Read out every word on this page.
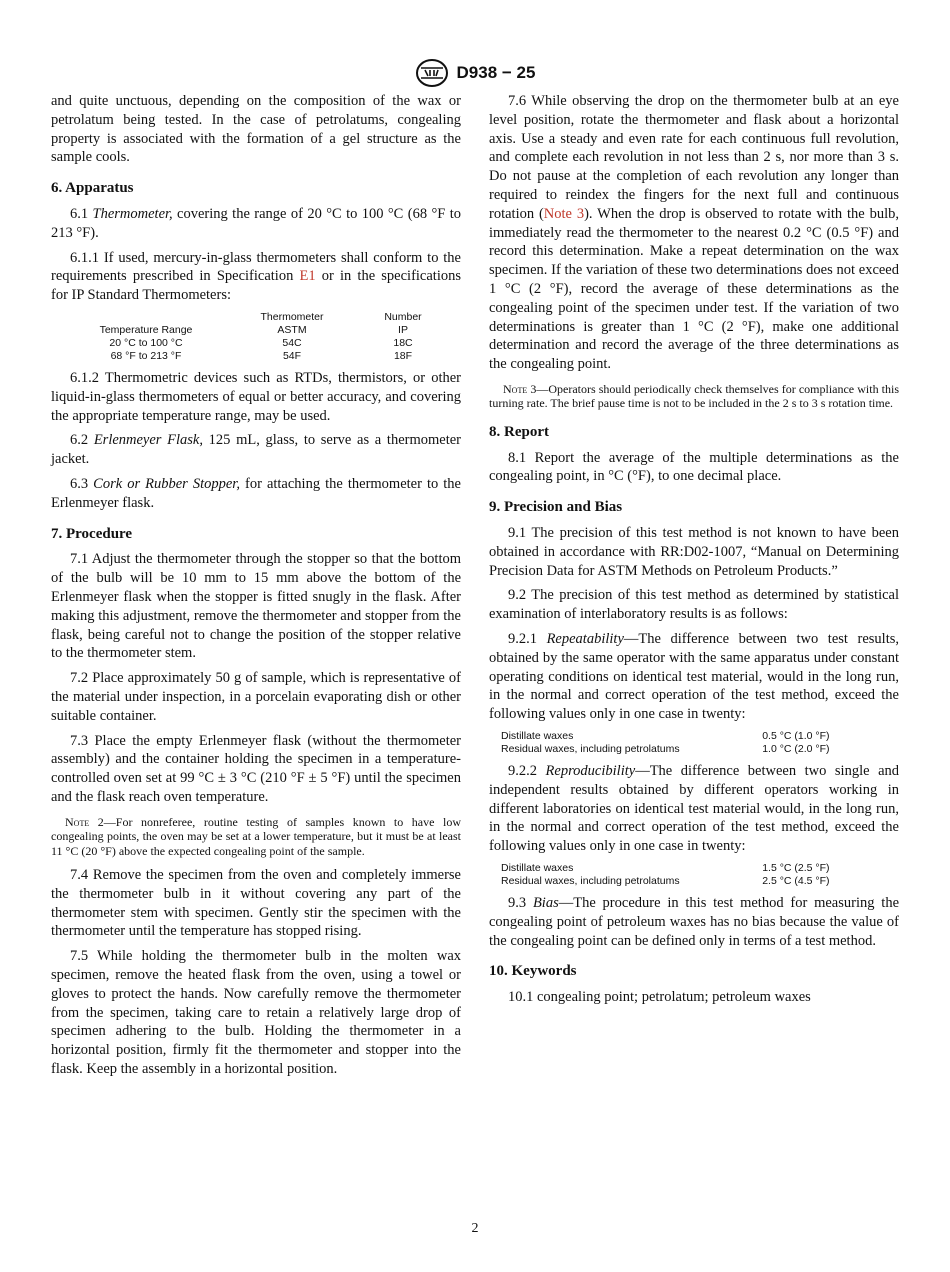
D938 − 25

and quite unctuous, depending on the composition of the wax or petrolatum being tested. In the case of petrolatums, congealing property is associated with the formation of a gel structure as the sample cools.

6. Apparatus

6.1 Thermometer, covering the range of 20 °C to 100 °C (68 °F to 213 °F).

6.1.1 If used, mercury-in-glass thermometers shall conform to the requirements prescribed in Specification E1 or in the specifications for IP Standard Thermometers:

	Thermometer	Number
Temperature Range	ASTM	IP
20 °C to 100 °C	54C	18C
68 °F to 213 °F	54F	18F

6.1.2 Thermometric devices such as RTDs, thermistors, or other liquid-in-glass thermometers of equal or better accuracy, and covering the appropriate temperature range, may be used.

6.2 Erlenmeyer Flask, 125 mL, glass, to serve as a thermometer jacket.

6.3 Cork or Rubber Stopper, for attaching the thermometer to the Erlenmeyer flask.

7. Procedure

7.1 Adjust the thermometer through the stopper so that the bottom of the bulb will be 10 mm to 15 mm above the bottom of the Erlenmeyer flask when the stopper is fitted snugly in the flask. After making this adjustment, remove the thermometer and stopper from the flask, being careful not to change the position of the stopper relative to the thermometer stem.

7.2 Place approximately 50 g of sample, which is representative of the material under inspection, in a porcelain evaporating dish or other suitable container.

7.3 Place the empty Erlenmeyer flask (without the thermometer assembly) and the container holding the specimen in a temperature-controlled oven set at 99 °C ± 3 °C (210 °F ± 5 °F) until the specimen and the flask reach oven temperature.

Note 2—For nonreferee, routine testing of samples known to have low congealing points, the oven may be set at a lower temperature, but it must be at least 11 °C (20 °F) above the expected congealing point of the sample.

7.4 Remove the specimen from the oven and completely immerse the thermometer bulb in it without covering any part of the thermometer stem with specimen. Gently stir the specimen with the thermometer until the temperature has stopped rising.

7.5 While holding the thermometer bulb in the molten wax specimen, remove the heated flask from the oven, using a towel or gloves to protect the hands. Now carefully remove the thermometer from the specimen, taking care to retain a relatively large drop of specimen adhering to the bulb. Holding the thermometer in a horizontal position, firmly fit the thermometer and stopper into the flask. Keep the assembly in a horizontal position.

7.6 While observing the drop on the thermometer bulb at an eye level position, rotate the thermometer and flask about a horizontal axis. Use a steady and even rate for each continuous full revolution, and complete each revolution in not less than 2 s, nor more than 3 s. Do not pause at the completion of each revolution any longer than required to reindex the fingers for the next full and continuous rotation (Note 3). When the drop is observed to rotate with the bulb, immediately read the thermometer to the nearest 0.2 °C (0.5 °F) and record this determination. Make a repeat determination on the wax specimen. If the variation of these two determinations does not exceed 1 °C (2 °F), record the average of these determinations as the congealing point of the specimen under test. If the variation of two determinations is greater than 1 °C (2 °F), make one additional determination and record the average of the three determinations as the congealing point.

Note 3—Operators should periodically check themselves for compliance with this turning rate. The brief pause time is not to be included in the 2 s to 3 s rotation time.
8. Report

8.1 Report the average of the multiple determinations as the congealing point, in °C (°F), to one decimal place.

9. Precision and Bias

9.1 The precision of this test method is not known to have been obtained in accordance with RR:D02-1007, “Manual on Determining Precision Data for ASTM Methods on Petroleum Products.”

9.2 The precision of this test method as determined by statistical examination of interlaboratory results is as follows:

9.2.1 Repeatability—The difference between two test results, obtained by the same operator with the same apparatus under constant operating conditions on identical test material, would in the long run, in the normal and correct operation of the test method, exceed the following values only in one case in twenty:

Distillate waxes	0.5 °C (1.0 °F)
Residual waxes, including petrolatums	1.0 °C (2.0 °F)

9.2.2 Reproducibility—The difference between two single and independent results obtained by different operators working in different laboratories on identical test material would, in the long run, in the normal and correct operation of the test method, exceed the following values only in one case in twenty:

Distillate waxes	1.5 °C (2.5 °F)
Residual waxes, including petrolatums	2.5 °C (4.5 °F)

9.3 Bias—The procedure in this test method for measuring the congealing point of petroleum waxes has no bias because the value of the congealing point can be defined only in terms of a test method.

10. Keywords

10.1 congealing point; petrolatum; petroleum waxes

2
